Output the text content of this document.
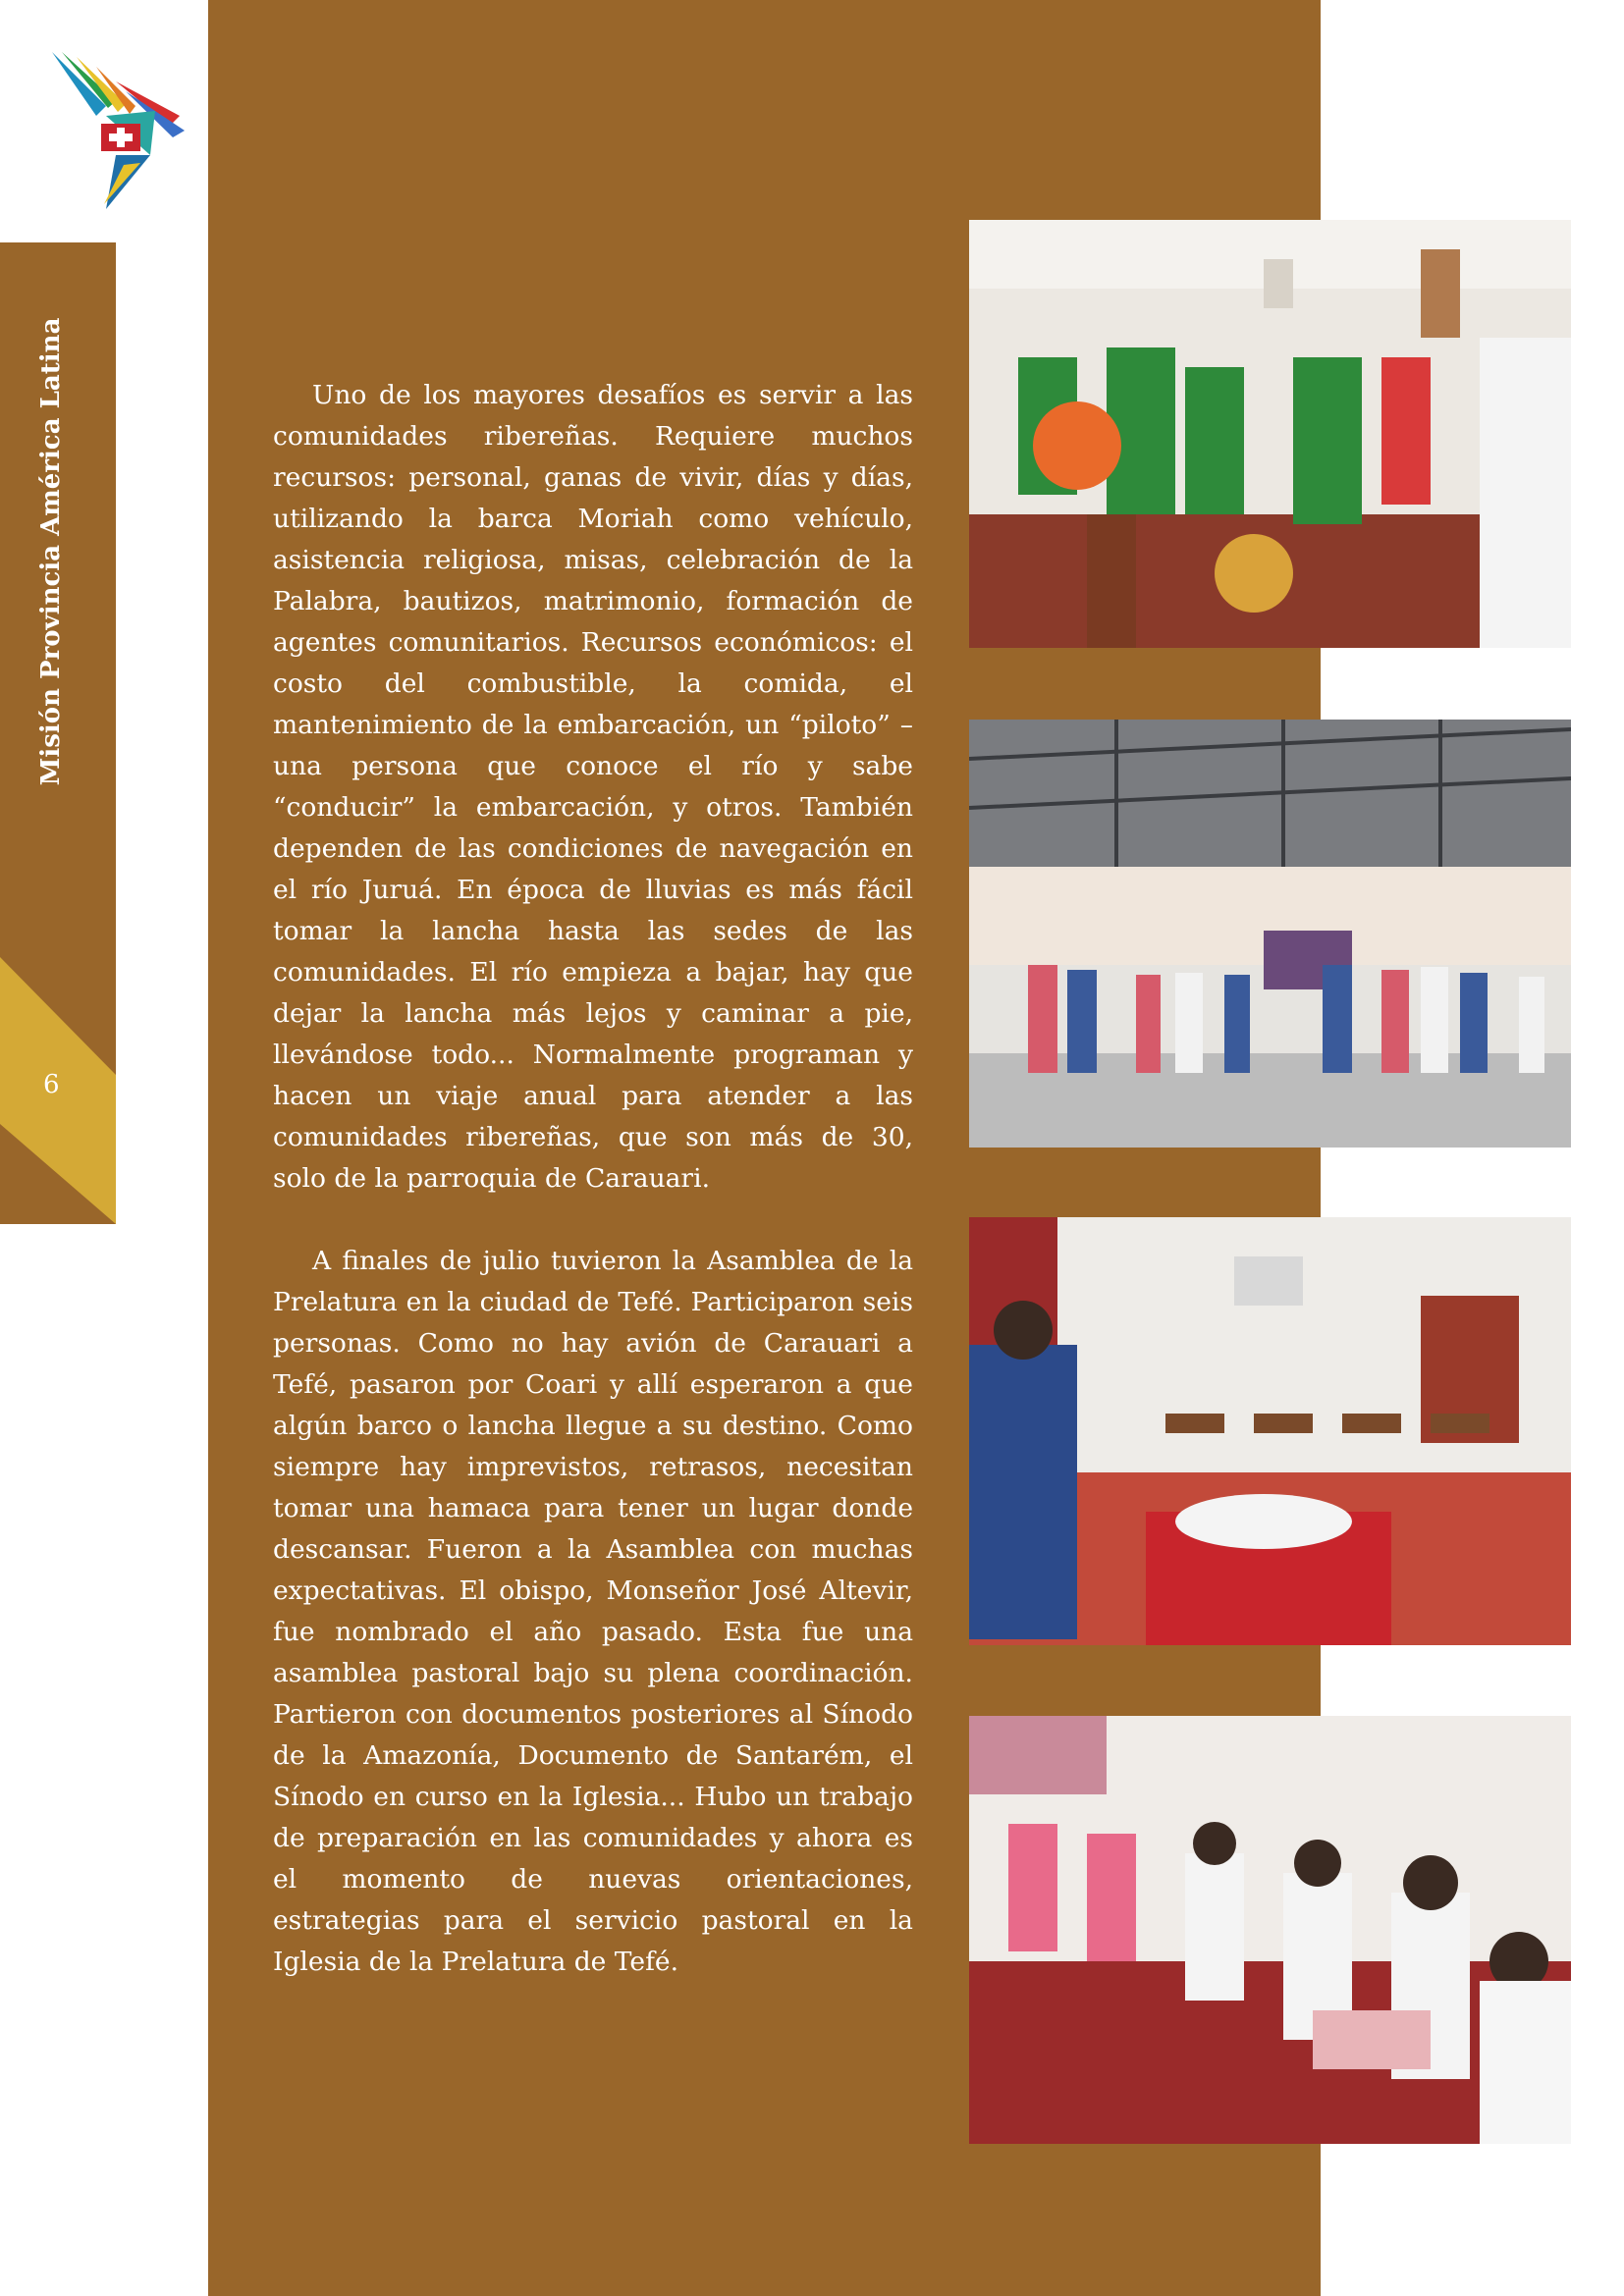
Misión Provincia América Latina
6

Uno de los mayores desafíos es servir a las comunidades ribereñas. Requiere muchos recursos: personal, ganas de vivir, días y días, utilizando la barca Moriah como vehículo, asistencia religiosa, misas, celebración de la Palabra, bautizos, matrimonio, formación de agentes comunitarios. Recursos económicos: el costo del combustible, la comida, el mantenimiento de la embarcación, un “piloto” – una persona que conoce el río y sabe “conducir” la embarcación, y otros. También dependen de las condiciones de navegación en el río Juruá. En época de lluvias es más fácil tomar la lancha hasta las sedes de las comunidades. El río empieza a bajar, hay que dejar la lancha más lejos y caminar a pie, llevándose todo... Normalmente programan y hacen un viaje anual para atender a las comunidades ribereñas, que son más de 30, solo de la parroquia de Carauari.

A finales de julio tuvieron la Asamblea de la Prelatura en la ciudad de Tefé. Participaron seis personas. Como no hay avión de Carauari a Tefé, pasaron por Coari y allí esperaron a que algún barco o lancha llegue a su destino. Como siempre hay imprevistos, retrasos, necesitan tomar una hamaca para tener un lugar donde descansar. Fueron a la Asamblea con muchas expectativas. El obispo, Monseñor José Altevir, fue nombrado el año pasado. Esta fue una asamblea pastoral bajo su plena coordinación. Partieron con documentos posteriores al Sínodo de la Amazonía, Documento de Santarém, el Sínodo en curso en la Iglesia... Hubo un trabajo de preparación en las comunidades y ahora es el momento de nuevas orientaciones, estrategias para el servicio pastoral en la Iglesia de la Prelatura de Tefé.
